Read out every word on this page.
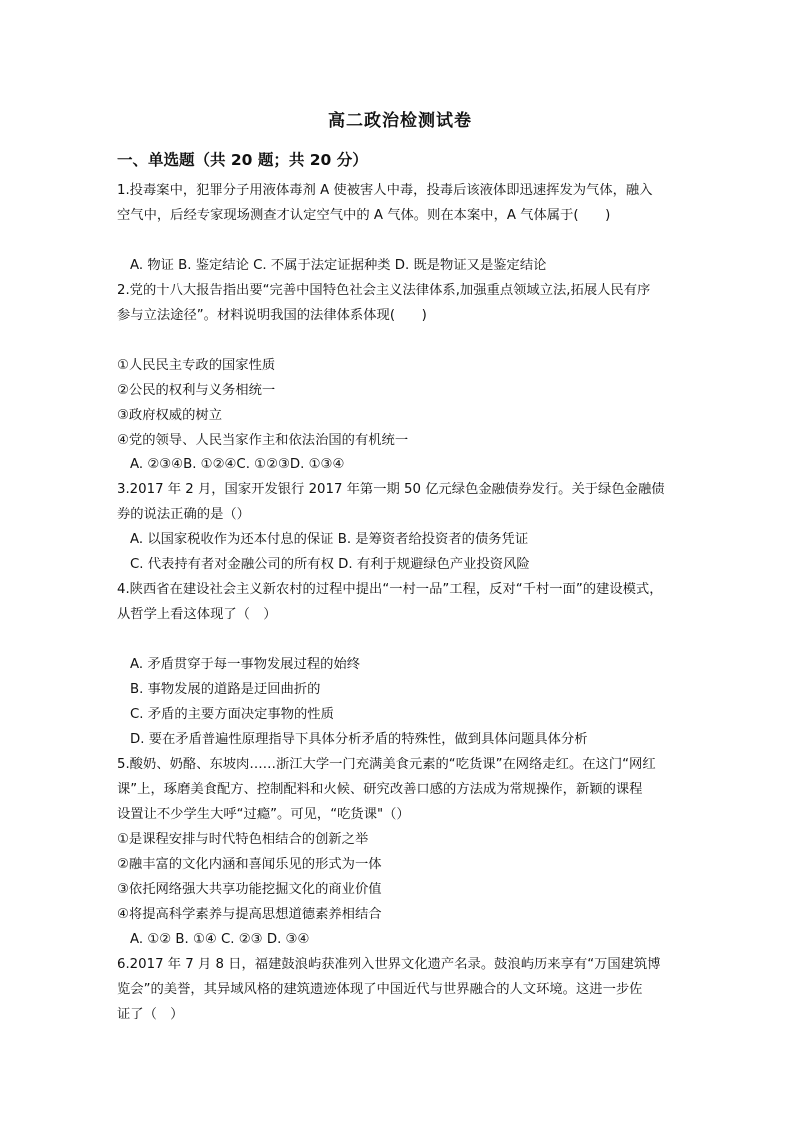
高二政治检测试卷
一、单选题（共 20 题；共 20 分）
1.投毒案中，犯罪分子用液体毒剂 A 使被害人中毒，投毒后该液体即迅速挥发为气体，融入
空气中，后经专家现场测查才认定空气中的 A 气体。则在本案中，A 气体属于(　　)
A. 物证 B. 鉴定结论 C. 不属于法定证据种类 D. 既是物证又是鉴定结论
2.党的十八大报告指出要“完善中国特色社会主义法律体系,加强重点领域立法,拓展人民有序
参与立法途径”。材料说明我国的法律体系体现(　　)
①人民民主专政的国家性质
②公民的权利与义务相统一
③政府权威的树立
④党的领导、人民当家作主和依法治国的有机统一
A. ②③④B. ①②④C. ①②③D. ①③④
3.2017 年 2 月，国家开发银行 2017 年第一期 50 亿元绿色金融债券发行。关于绿色金融债
券的说法正确的是（）
A. 以国家税收作为还本付息的保证 B. 是筹资者给投资者的债务凭证
C. 代表持有者对金融公司的所有权 D. 有利于规避绿色产业投资风险
4.陕西省在建设社会主义新农村的过程中提出“一村一品”工程，反对“千村一面”的建设模式，
从哲学上看这体现了（　）
A. 矛盾贯穿于每一事物发展过程的始终
B. 事物发展的道路是迂回曲折的
C. 矛盾的主要方面决定事物的性质
D. 要在矛盾普遍性原理指导下具体分析矛盾的特殊性，做到具体问题具体分析
5.酸奶、奶酪、东坡肉……浙江大学一门充满美食元素的“吃货课”在网络走红。在这门“网红
课”上，琢磨美食配方、控制配料和火候、研究改善口感的方法成为常规操作，新颖的课程
设置让不少学生大呼“过瘾”。可见，“吃货课"（）
①是课程安排与时代特色相结合的创新之举
②融丰富的文化内涵和喜闻乐见的形式为一体
③依托网络强大共享功能挖掘文化的商业价值
④将提高科学素养与提高思想道德素养相结合
A. ①② B. ①④ C. ②③ D. ③④
6.2017 年 7 月 8 日，福建鼓浪屿获准列入世界文化遗产名录。鼓浪屿历来享有“万国建筑博
览会”的美誉，其异域风格的建筑遗迹体现了中国近代与世界融合的人文环境。这进一步佐
证了（　）
